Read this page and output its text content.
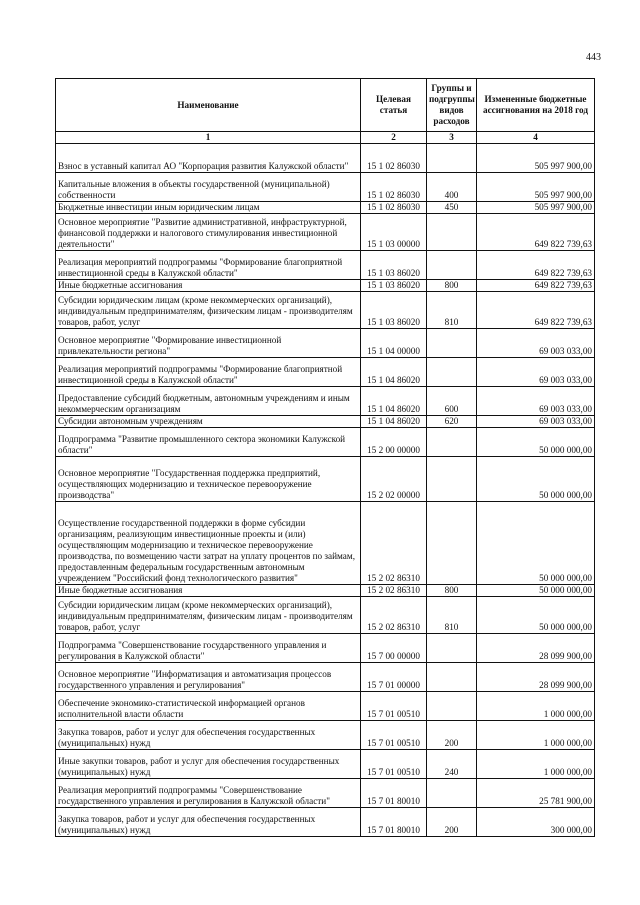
443
Наименование	Целевая статья	Группы и подгруппы видов расходов	Измененные бюджетные ассигнования на 2018 год
1	2	3	4
Взнос в уставный капитал АО "Корпорация развития Калужской области"	15 1 02 86030		505 997 900,00
Капитальные вложения в объекты государственной (муниципальной) собственности	15 1 02 86030	400	505 997 900,00
Бюджетные инвестиции иным юридическим лицам	15 1 02 86030	450	505 997 900,00
Основное мероприятие "Развитие административной, инфраструктурной, финансовой поддержки и налогового стимулирования инвестиционной деятельности"	15 1 03 00000		649 822 739,63
Реализация мероприятий подпрограммы "Формирование благоприятной инвестиционной среды в Калужской области"	15 1 03 86020		649 822 739,63
Иные бюджетные ассигнования	15 1 03 86020	800	649 822 739,63
Субсидии юридическим лицам (кроме некоммерческих организаций), индивидуальным предпринимателям, физическим лицам - производителям товаров, работ, услуг	15 1 03 86020	810	649 822 739,63
Основное мероприятие "Формирование инвестиционной привлекательности региона"	15 1 04 00000		69 003 033,00
Реализация мероприятий подпрограммы "Формирование благоприятной инвестиционной среды в Калужской области"	15 1 04 86020		69 003 033,00
Предоставление субсидий бюджетным, автономным учреждениям и иным некоммерческим организациям	15 1 04 86020	600	69 003 033,00
Субсидии автономным учреждениям	15 1 04 86020	620	69 003 033,00
Подпрограмма "Развитие промышленного сектора экономики Калужской области"	15 2 00 00000		50 000 000,00
Основное мероприятие "Государственная поддержка предприятий, осуществляющих модернизацию и техническое перевооружение производства"	15 2 02 00000		50 000 000,00
Осуществление государственной поддержки в форме субсидии организациям, реализующим инвестиционные проекты и (или) осуществляющим модернизацию и техническое перевооружение производства, по возмещению части затрат на уплату процентов по займам, предоставленным федеральным государственным автономным учреждением "Российский фонд технологического развития"	15 2 02 86310		50 000 000,00
Иные бюджетные ассигнования	15 2 02 86310	800	50 000 000,00
Субсидии юридическим лицам (кроме некоммерческих организаций), индивидуальным предпринимателям, физическим лицам - производителям товаров, работ, услуг	15 2 02 86310	810	50 000 000,00
Подпрограмма "Совершенствование государственного управления и регулирования в Калужской области"	15 7 00 00000		28 099 900,00
Основное мероприятие "Информатизация и автоматизация процессов государственного управления и регулирования"	15 7 01 00000		28 099 900,00
Обеспечение экономико-статистической информацией органов исполнительной власти области	15 7 01 00510		1 000 000,00
Закупка товаров, работ и услуг для обеспечения государственных (муниципальных) нужд	15 7 01 00510	200	1 000 000,00
Иные закупки товаров, работ и услуг для обеспечения государственных (муниципальных) нужд	15 7 01 00510	240	1 000 000,00
Реализация мероприятий подпрограммы "Совершенствование государственного управления и регулирования в Калужской области"	15 7 01 80010		25 781 900,00
Закупка товаров, работ и услуг для обеспечения государственных (муниципальных) нужд	15 7 01 80010	200	300 000,00
